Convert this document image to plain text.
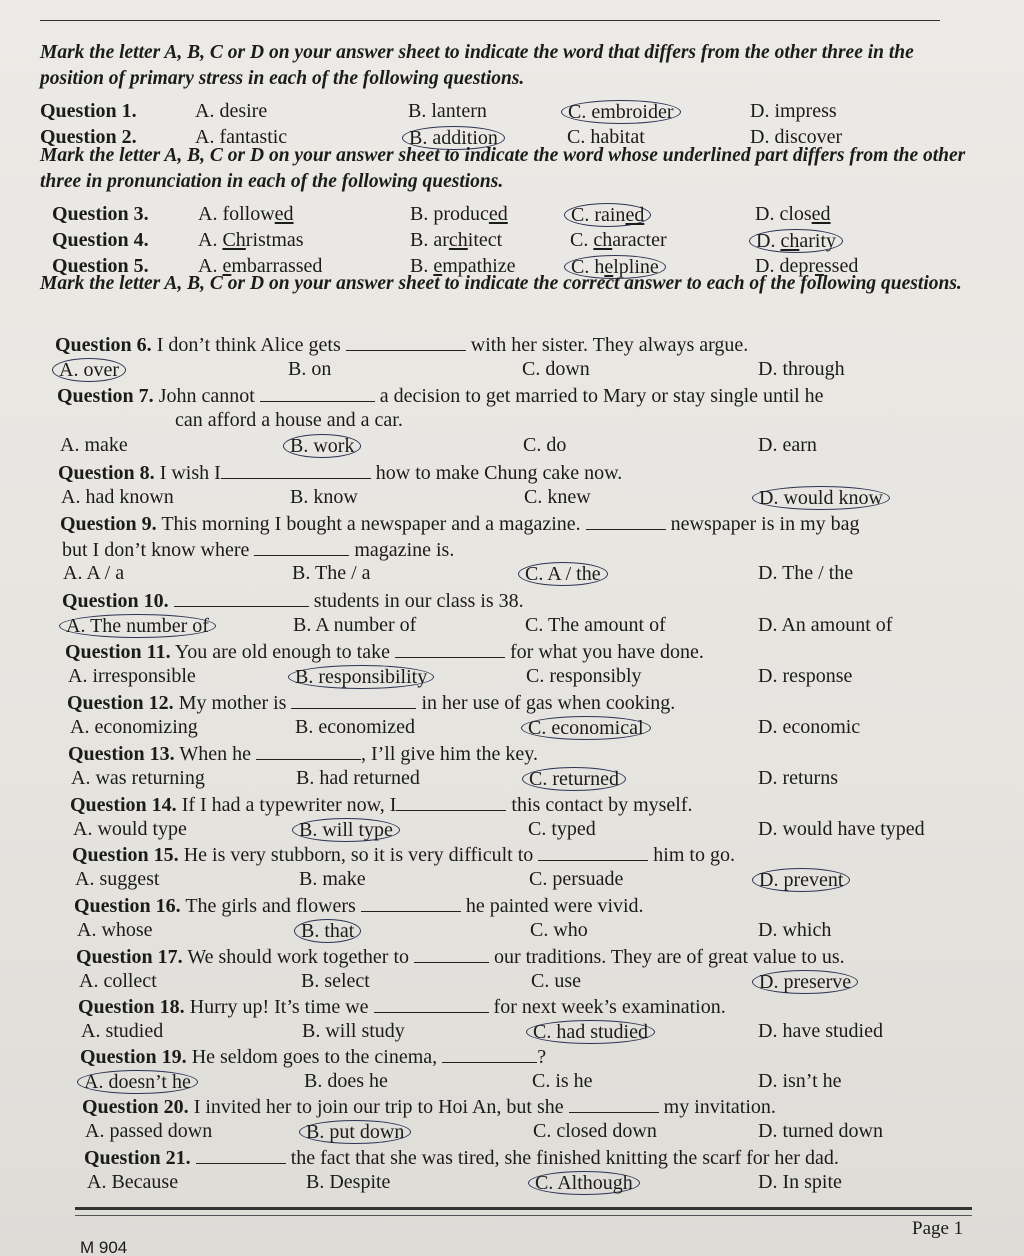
Mark the letter A, B, C or D on your answer sheet to indicate the word that differs from the other three in the position of primary stress in each of the following questions.
Question 1.	A. desire	B. lantern	C. embroider	D. impress
Question 2.	A. fantastic	B. addition	C. habitat	D. discover
Mark the letter A, B, C or D on your answer sheet to indicate the word whose underlined part differs from the other three in pronunciation in each of the following questions.
Question 3. A. followed	B. produced	C. rained	D. closed
Question 4. A. Christmas	B. architect	C. character	D. charity
Question 5. A. embarrassed	B. empathize	C. helpline	D. depressed
Mark the letter A, B, C or D on your answer sheet to indicate the correct answer to each of the following questions.
Question 6. I don’t think Alice gets	with her sister. They always argue.
A. over	B. on	C. down	D. through
Question 7. John cannot	a decision to get married to Mary or stay single until he
can afford a house and a car.
A. make	B. work	C. do	D. earn
Question 8. I wish I	how to make Chung cake now.
A. had known	B. know	C. knew	D. would know
Question 9. This morning I bought a newspaper and a magazine.	newspaper is in my bag
but I don’t know where	magazine is.
A. A / a	B. The / a	C. A / the	D. The / the
Question 10.	students in our class is 38.
A. The number of	B. A number of	C. The amount of	D. An amount of
Question 11. You are old enough to take	for what you have done.
A. irresponsible	B. responsibility	C. responsibly	D. response
Question 12. My mother is	in her use of gas when cooking.
A. economizing	B. economized	C. economical	D. economic
Question 13. When he	, I’ll give him the key.
A. was returning	B. had returned	C. returned	D. returns
Question 14. If I had a typewriter now, I	this contact by myself.
A. would type	B. will type	C. typed	D. would have typed
Question 15. He is very stubborn, so it is very difficult to	him to go.
A. suggest	B. make	C. persuade	D. prevent
Question 16. The girls and flowers	he painted were vivid.
A. whose	B. that	C. who	D. which
Question 17. We should work together to	our traditions. They are of great value to us.
A. collect	B. select	C. use	D. preserve
Question 18. Hurry up! It’s time we	for next week’s examination.
A. studied	B. will study	C. had studied	D. have studied
Question 19. He seldom goes to the cinema,	?
A. doesn’t he	B. does he	C. is he	D. isn’t he
Question 20. I invited her to join our trip to Hoi An, but she	my invitation.
A. passed down	B. put down	C. closed down	D. turned down
Question 21.	the fact that she was tired, she finished knitting the scarf for her dad.
A. Because	B. Despite	C. Although	D. In spite
Page 1
M 904
